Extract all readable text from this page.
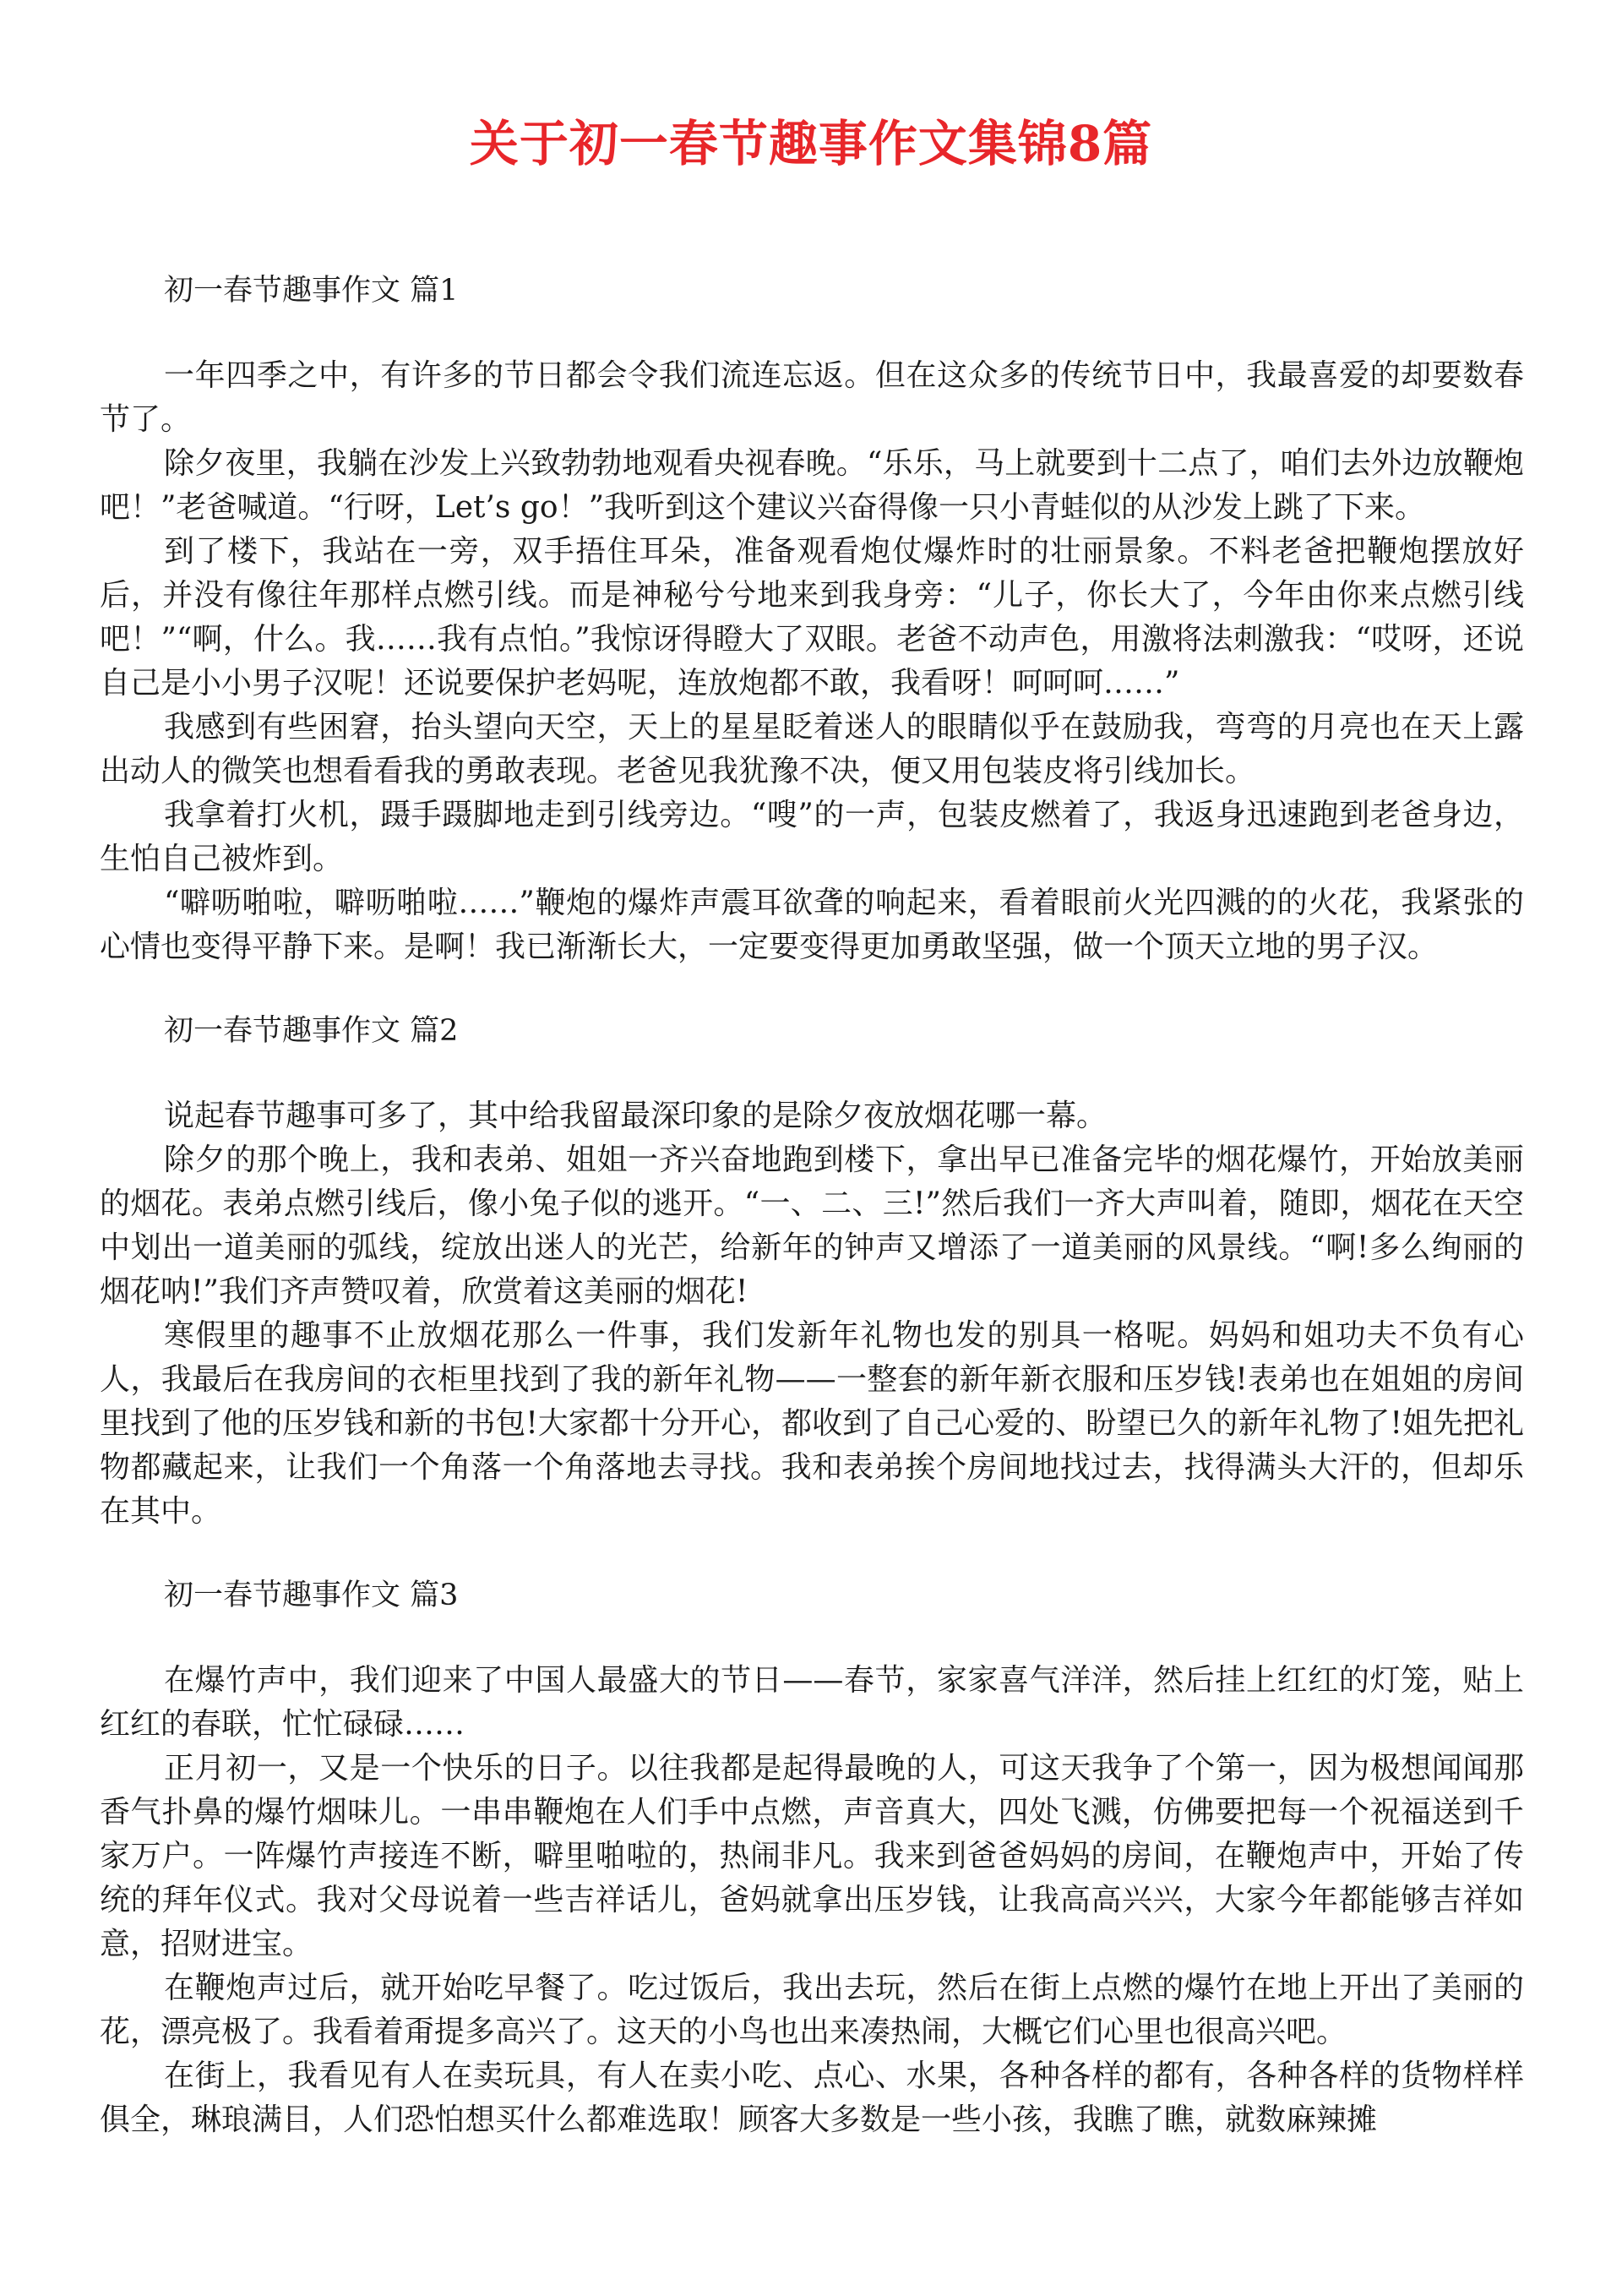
关于初一春节趣事作文集锦8篇
初一春节趣事作文 篇1

一年四季之中，有许多的节日都会令我们流连忘返。但在这众多的传统节日中，我最喜爱的却要数春节了。

除夕夜里，我躺在沙发上兴致勃勃地观看央视春晚。“乐乐，马上就要到十二点了，咱们去外边放鞭炮吧！”老爸喊道。“行呀，Let’s go！”我听到这个建议兴奋得像一只小青蛙似的从沙发上跳了下来。

到了楼下，我站在一旁，双手捂住耳朵，准备观看炮仗爆炸时的壮丽景象。不料老爸把鞭炮摆放好后，并没有像往年那样点燃引线。而是神秘兮兮地来到我身旁：“儿子，你长大了，今年由你来点燃引线吧！”“啊，什么。我……我有点怕。”我惊讶得瞪大了双眼。老爸不动声色，用激将法刺激我：“哎呀，还说自己是小小男子汉呢！还说要保护老妈呢，连放炮都不敢，我看呀！呵呵呵……”

我感到有些困窘，抬头望向天空，天上的星星眨着迷人的眼睛似乎在鼓励我，弯弯的月亮也在天上露出动人的微笑也想看看我的勇敢表现。老爸见我犹豫不决，便又用包装皮将引线加长。

我拿着打火机，蹑手蹑脚地走到引线旁边。“嗖”的一声，包装皮燃着了，我返身迅速跑到老爸身边，生怕自己被炸到。

“噼呖啪啦，噼呖啪啦……”鞭炮的爆炸声震耳欲聋的响起来，看着眼前火光四溅的的火花，我紧张的心情也变得平静下来。是啊！我已渐渐长大，一定要变得更加勇敢坚强，做一个顶天立地的男子汉。

初一春节趣事作文 篇2

说起春节趣事可多了，其中给我留最深印象的是除夕夜放烟花哪一幕。

除夕的那个晚上，我和表弟、姐姐一齐兴奋地跑到楼下，拿出早已准备完毕的烟花爆竹，开始放美丽的烟花。表弟点燃引线后，像小兔子似的逃开。“一、二、三!”然后我们一齐大声叫着，随即，烟花在天空中划出一道美丽的弧线，绽放出迷人的光芒，给新年的钟声又增添了一道美丽的风景线。“啊!多么绚丽的烟花呐!”我们齐声赞叹着，欣赏着这美丽的烟花!

寒假里的趣事不止放烟花那么一件事，我们发新年礼物也发的别具一格呢。妈妈和姐功夫不负有心人，我最后在我房间的衣柜里找到了我的新年礼物——一整套的新年新衣服和压岁钱!表弟也在姐姐的房间里找到了他的压岁钱和新的书包!大家都十分开心，都收到了自己心爱的、盼望已久的新年礼物了!姐先把礼物都藏起来，让我们一个角落一个角落地去寻找。我和表弟挨个房间地找过去，找得满头大汗的，但却乐在其中。

初一春节趣事作文 篇3

在爆竹声中，我们迎来了中国人最盛大的节日——春节，家家喜气洋洋，然后挂上红红的灯笼，贴上红红的春联，忙忙碌碌……

正月初一，又是一个快乐的日子。以往我都是起得最晚的人，可这天我争了个第一，因为极想闻闻那香气扑鼻的爆竹烟味儿。一串串鞭炮在人们手中点燃，声音真大，四处飞溅，仿佛要把每一个祝福送到千家万户。一阵爆竹声接连不断，噼里啪啦的，热闹非凡。我来到爸爸妈妈的房间，在鞭炮声中，开始了传统的拜年仪式。我对父母说着一些吉祥话儿，爸妈就拿出压岁钱，让我高高兴兴，大家今年都能够吉祥如意，招财进宝。

在鞭炮声过后，就开始吃早餐了。吃过饭后，我出去玩，然后在街上点燃的爆竹在地上开出了美丽的花，漂亮极了。我看着甭提多高兴了。这天的小鸟也出来凑热闹，大概它们心里也很高兴吧。

在街上，我看见有人在卖玩具，有人在卖小吃、点心、水果，各种各样的都有，各种各样的货物样样俱全，琳琅满目，人们恐怕想买什么都难选取！顾客大多数是一些小孩，我瞧了瞧，就数麻辣摊
